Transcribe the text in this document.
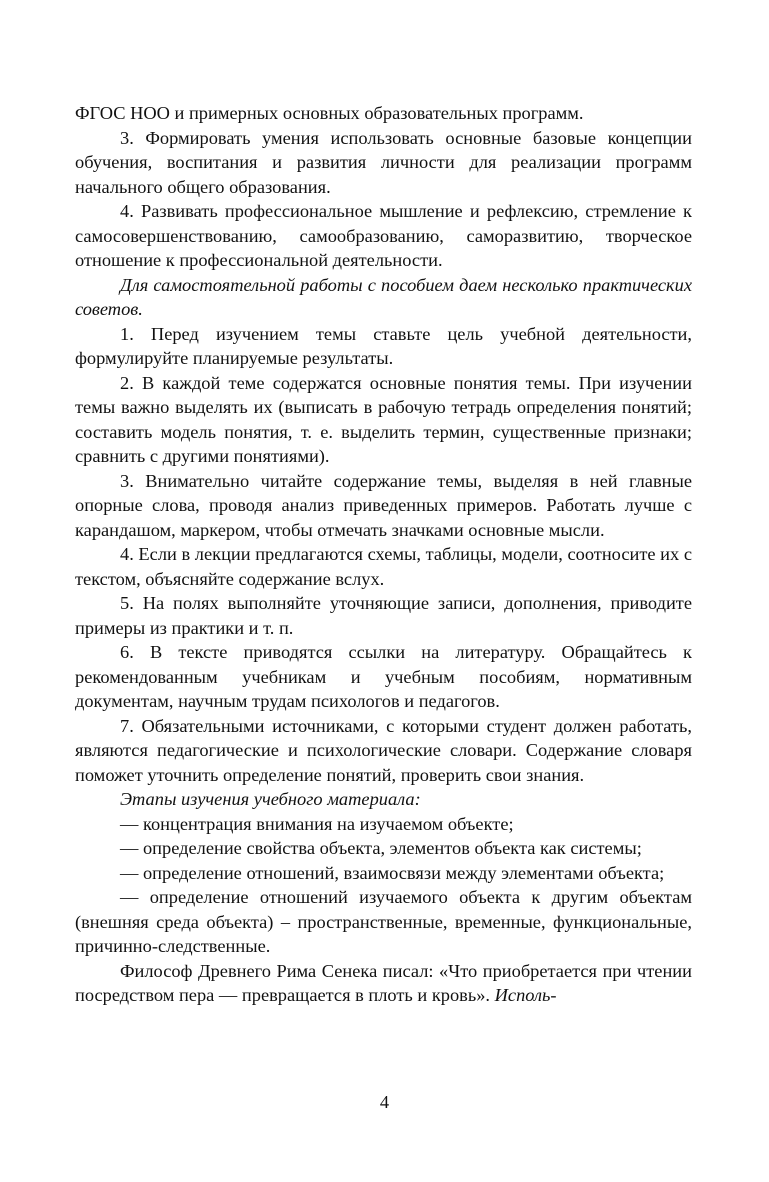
ФГОС НОО и примерных основных образовательных программ.

3. Формировать умения использовать основные базовые концепции обучения, воспитания и развития личности для реализации программ начального общего образования.

4. Развивать профессиональное мышление и рефлексию, стремление к самосовершенствованию, самообразованию, саморазвитию, творческое отношение к профессиональной деятельности.

Для самостоятельной работы с пособием даем несколько практических советов.

1. Перед изучением темы ставьте цель учебной деятельности, формулируйте планируемые результаты.

2. В каждой теме содержатся основные понятия темы. При изучении темы важно выделять их (выписать в рабочую тетрадь определения понятий; составить модель понятия, т. е. выделить термин, существенные признаки; сравнить с другими понятиями).

3. Внимательно читайте содержание темы, выделяя в ней главные опорные слова, проводя анализ приведенных примеров. Работать лучше с карандашом, маркером, чтобы отмечать значками основные мысли.

4. Если в лекции предлагаются схемы, таблицы, модели, соотносите их с текстом, объясняйте содержание вслух.

5. На полях выполняйте уточняющие записи, дополнения, приводите примеры из практики и т. п.

6. В тексте приводятся ссылки на литературу. Обращайтесь к рекомендованным учебникам и учебным пособиям, нормативным документам, научным трудам психологов и педагогов.

7. Обязательными источниками, с которыми студент должен работать, являются педагогические и психологические словари. Содержание словаря поможет уточнить определение понятий, проверить свои знания.

Этапы изучения учебного материала:

— концентрация внимания на изучаемом объекте;

— определение свойства объекта, элементов объекта как системы;

— определение отношений, взаимосвязи между элементами объекта;

— определение отношений изучаемого объекта к другим объектам (внешняя среда объекта) – пространственные, временные, функциональные, причинно-следственные.

Философ Древнего Рима Сенека писал: «Что приобретается при чтении посредством пера — превращается в плоть и кровь». Исполь-

4
